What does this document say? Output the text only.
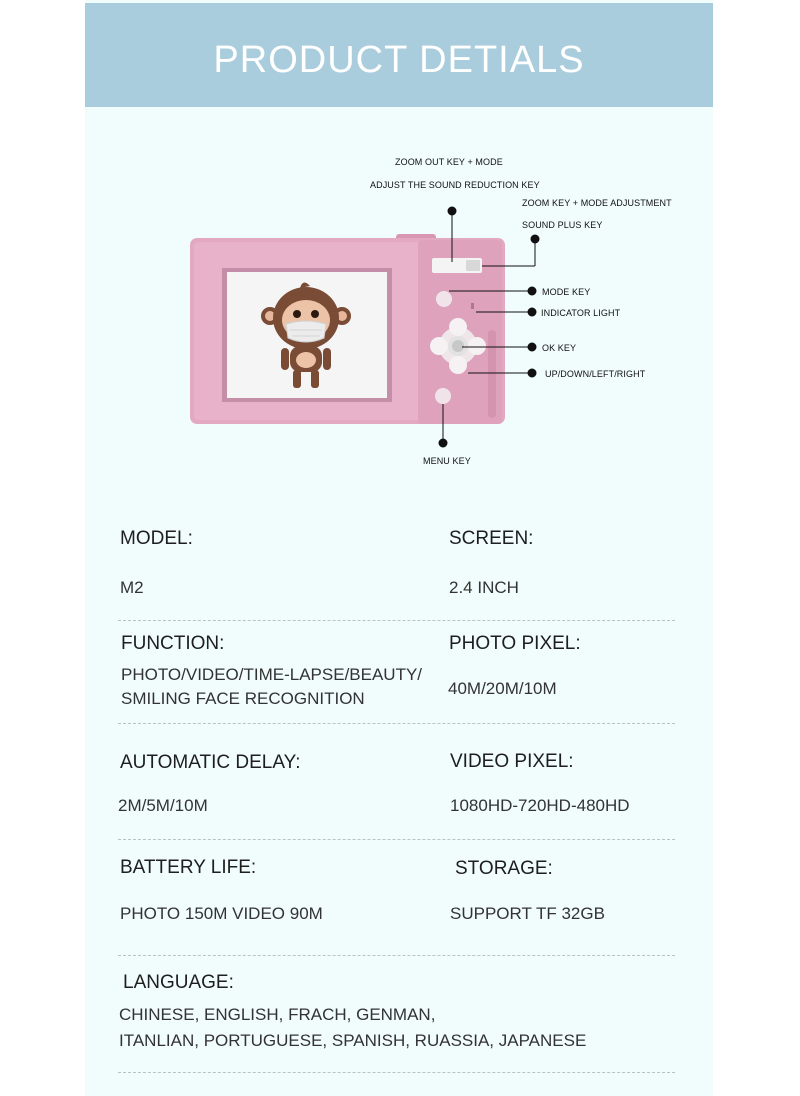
PRODUCT DETIALS
ZOOM OUT KEY + MODE
ADJUST THE SOUND REDUCTION KEY
ZOOM KEY + MODE ADJUSTMENT
SOUND PLUS KEY
MODE KEY
INDICATOR LIGHT
OK KEY
UP/DOWN/LEFT/RIGHT
MENU KEY
MODEL:
M2
SCREEN:
2.4 INCH
FUNCTION:
PHOTO/VIDEO/TIME-LAPSE/BEAUTY/
SMILING FACE RECOGNITION
PHOTO PIXEL:
40M/20M/10M
AUTOMATIC DELAY:
2M/5M/10M
VIDEO PIXEL:
1080HD-720HD-480HD
BATTERY LIFE:
PHOTO 150M VIDEO 90M
STORAGE:
SUPPORT TF 32GB
LANGUAGE:
CHINESE, ENGLISH, FRACH, GENMAN,
ITANLIAN, PORTUGUESE, SPANISH, RUASSIA, JAPANESE
